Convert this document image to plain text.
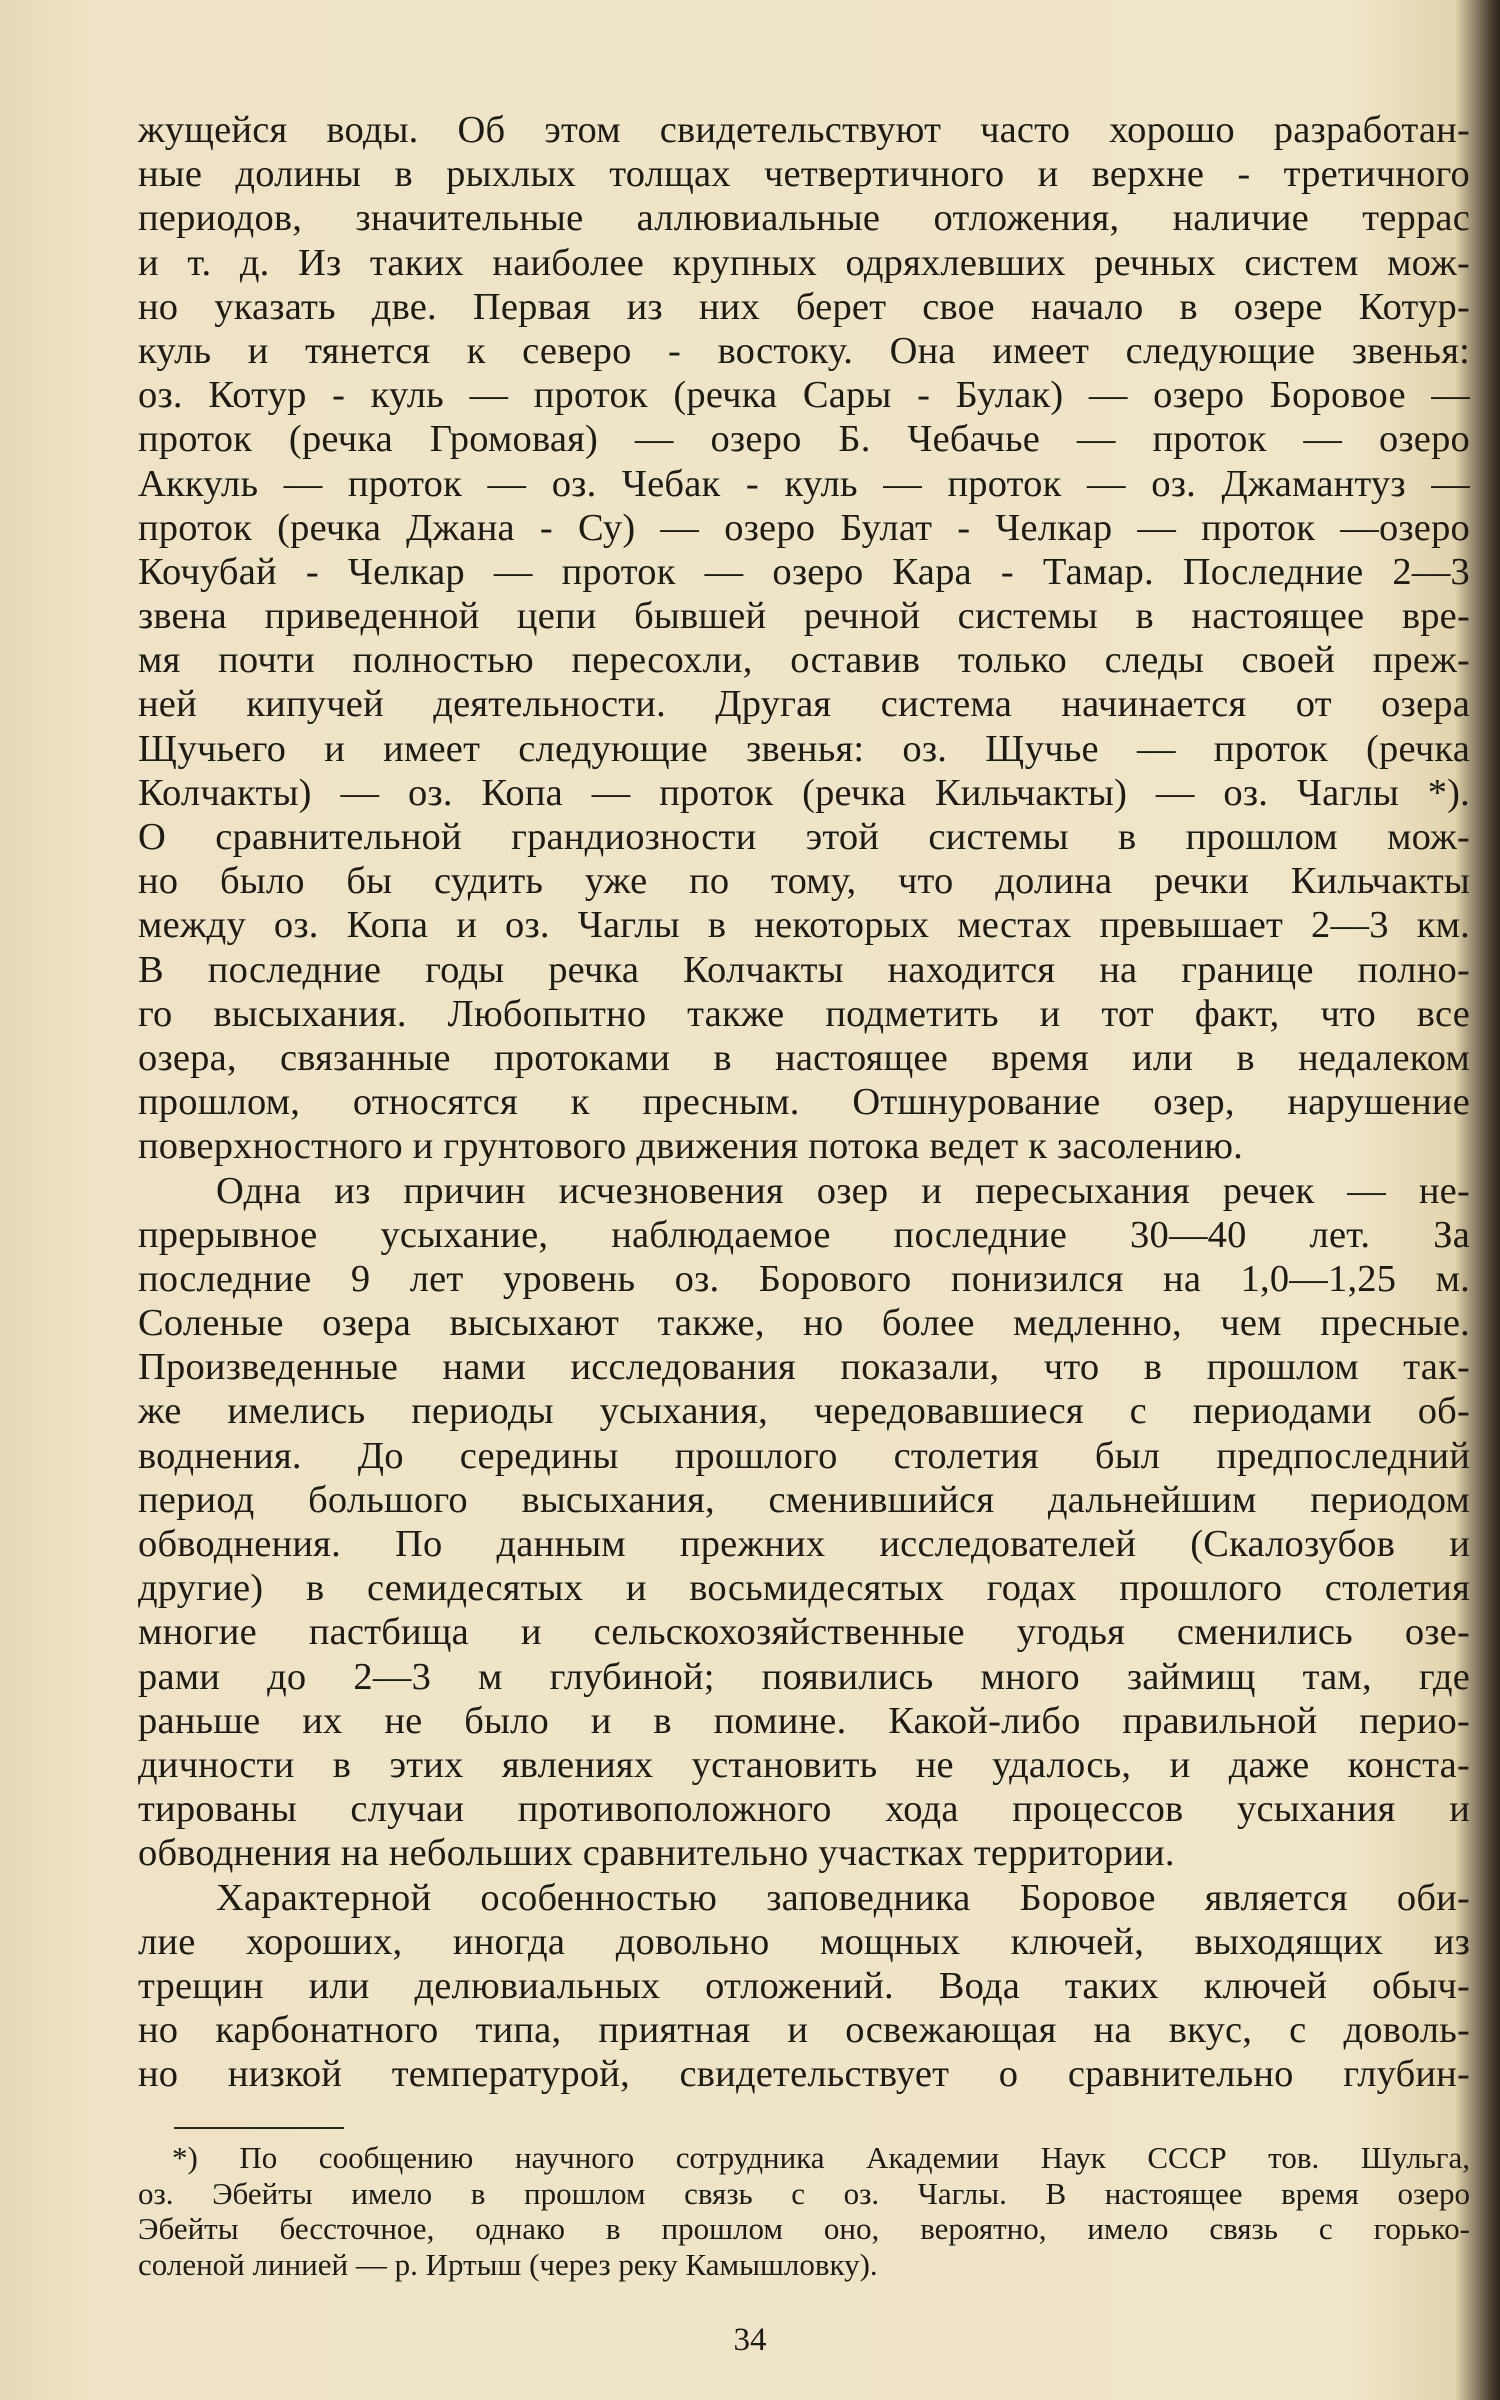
жущейся воды. Об этом свидетельствуют часто хорошо разработан-
ные долины в рыхлых толщах четвертичного и верхне - третичного
периодов, значительные аллювиальные отложения, наличие террас
и т. д. Из таких наиболее крупных одряхлевших речных систем мож-
но указать две. Первая из них берет свое начало в озере Котур-
куль и тянется к северо - востоку. Она имеет следующие звенья:
оз. Котур - куль — проток (речка Сары - Булак) — озеро Боровое —
проток (речка Громовая) — озеро Б. Чебачье — проток — озеро
Аккуль — проток — оз. Чебак - куль — проток — оз. Джамантуз —
проток (речка Джана - Су) — озеро Булат - Челкар — проток —озеро
Кочубай - Челкар — проток — озеро Кара - Тамар. Последние 2—3
звена приведенной цепи бывшей речной системы в настоящее вре-
мя почти полностью пересохли, оставив только следы своей преж-
ней кипучей деятельности. Другая система начинается от озера
Щучьего и имеет следующие звенья: оз. Щучье — проток (речка
Колчакты) — оз. Копа — проток (речка Кильчакты) — оз. Чаглы *).
О сравнительной грандиозности этой системы в прошлом мож-
но было бы судить уже по тому, что долина речки Кильчакты
между оз. Копа и оз. Чаглы в некоторых местах превышает 2—3 км.
В последние годы речка Колчакты находится на границе полно-
го высыхания. Любопытно также подметить и тот факт, что все
озера, связанные протоками в настоящее время или в недалеком
прошлом, относятся к пресным. Отшнурование озер, нарушение
поверхностного и грунтового движения потока ведет к засолению.
Одна из причин исчезновения озер и пересыхания речек — не-
прерывное усыхание, наблюдаемое последние 30—40 лет. За
последние 9 лет уровень оз. Борового понизился на 1,0—1,25 м.
Соленые озера высыхают также, но более медленно, чем пресные.
Произведенные нами исследования показали, что в прошлом так-
же имелись периоды усыхания, чередовавшиеся с периодами об-
воднения. До середины прошлого столетия был предпоследний
период большого высыхания, сменившийся дальнейшим периодом
обводнения. По данным прежних исследователей (Скалозубов и
другие) в семидесятых и восьмидесятых годах прошлого столетия
многие пастбища и сельскохозяйственные угодья сменились озе-
рами до 2—3 м глубиной; появились много займищ там, где
раньше их не было и в помине. Какой-либо правильной перио-
дичности в этих явлениях установить не удалось, и даже конста-
тированы случаи противоположного хода процессов усыхания и
обводнения на небольших сравнительно участках территории.
Характерной особенностью заповедника Боровое является оби-
лие хороших, иногда довольно мощных ключей, выходящих из
трещин или делювиальных отложений. Вода таких ключей обыч-
но карбонатного типа, приятная и освежающая на вкус, с доволь-
но низкой температурой, свидетельствует о сравнительно глубин-
*) По сообщению научного сотрудника Академии Наук СССР тов. Шульга,
оз. Эбейты имело в прошлом связь с оз. Чаглы. В настоящее время озеро
Эбейты бессточное, однако в прошлом оно, вероятно, имело связь с горько-
соленой линией — р. Иртыш (через реку Камышловку).
34
